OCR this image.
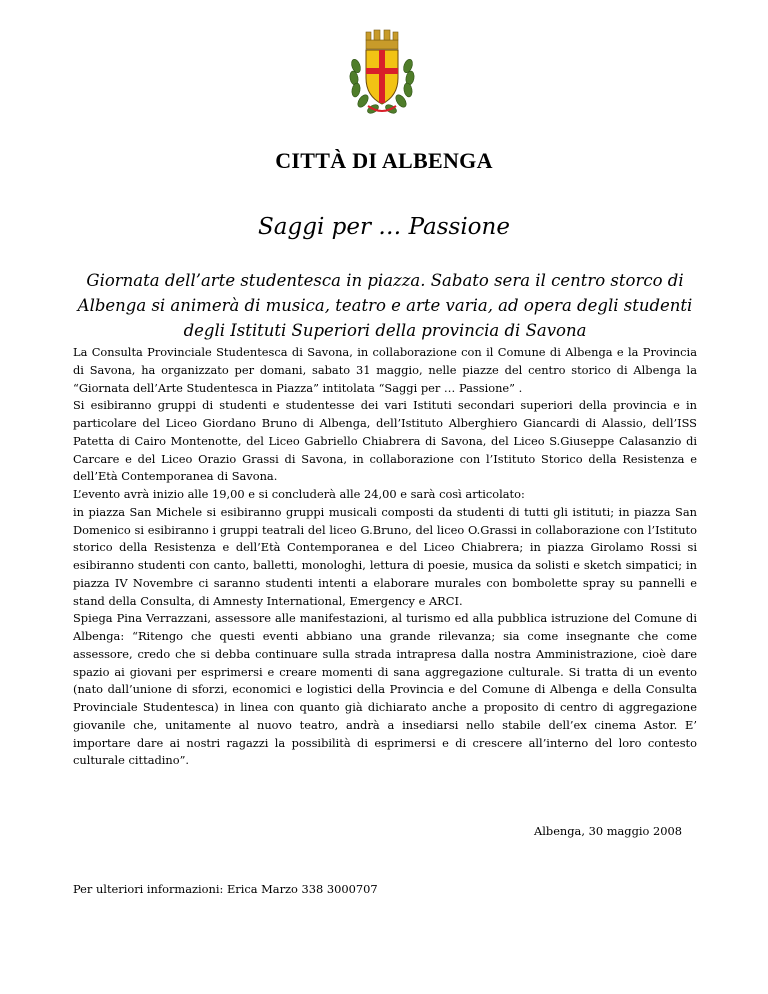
CITTÀ DI ALBENGA
Saggi per … Passione
Giornata dell’arte studentesca in piazza. Sabato sera il centro storco di Albenga si animerà di musica, teatro e arte varia, ad opera degli studenti degli Istituti Superiori della provincia di Savona

La Consulta Provinciale Studentesca di Savona, in collaborazione con il Comune di Albenga e la Provincia di Savona, ha organizzato per domani, sabato 31 maggio, nelle piazze del centro storico di Albenga la “Giornata dell’Arte Studentesca in Piazza” intitolata “Saggi per … Passione” .

Si esibiranno gruppi di studenti e studentesse dei vari Istituti secondari superiori della provincia e in particolare del Liceo Giordano Bruno di Albenga, dell’Istituto Alberghiero Giancardi di Alassio, dell’ISS Patetta di Cairo Montenotte, del Liceo Gabriello Chiabrera di Savona, del Liceo S.Giuseppe Calasanzio di Carcare e del Liceo Orazio Grassi di Savona, in collaborazione con l’Istituto Storico della Resistenza e dell’Età Contemporanea di Savona.

L’evento avrà inizio alle 19,00 e si concluderà alle 24,00 e sarà così articolato:

in piazza San Michele si esibiranno gruppi musicali composti da studenti di tutti gli istituti; in piazza San Domenico si esibiranno i gruppi teatrali del liceo G.Bruno, del liceo O.Grassi in collaborazione con l’Istituto storico della Resistenza e dell’Età Contemporanea e del Liceo Chiabrera; in piazza Girolamo Rossi si esibiranno studenti con canto, balletti, monologhi, lettura di poesie, musica da solisti e sketch simpatici; in piazza IV Novembre ci saranno studenti intenti a elaborare murales con bombolette spray su pannelli e stand della Consulta, di Amnesty International, Emergency e ARCI.

Spiega Pina Verrazzani, assessore alle manifestazioni, al turismo ed alla pubblica istruzione del Comune di Albenga: “Ritengo che questi eventi abbiano una grande rilevanza; sia come insegnante che come assessore, credo che si debba continuare sulla strada intrapresa dalla nostra Amministrazione, cioè dare spazio ai giovani per esprimersi e creare momenti di sana aggregazione culturale. Si tratta di un evento (nato dall’unione di sforzi, economici e logistici della Provincia e del Comune di Albenga e della Consulta Provinciale Studentesca) in linea con quanto già dichiarato anche a proposito di centro di aggregazione giovanile che, unitamente al nuovo teatro, andrà a insediarsi nello stabile dell’ex cinema Astor. E’ importare dare ai nostri ragazzi la possibilità di esprimersi e di crescere all’interno del loro contesto culturale cittadino”.

Albenga, 30 maggio 2008
Per ulteriori informazioni: Erica Marzo 338 3000707
